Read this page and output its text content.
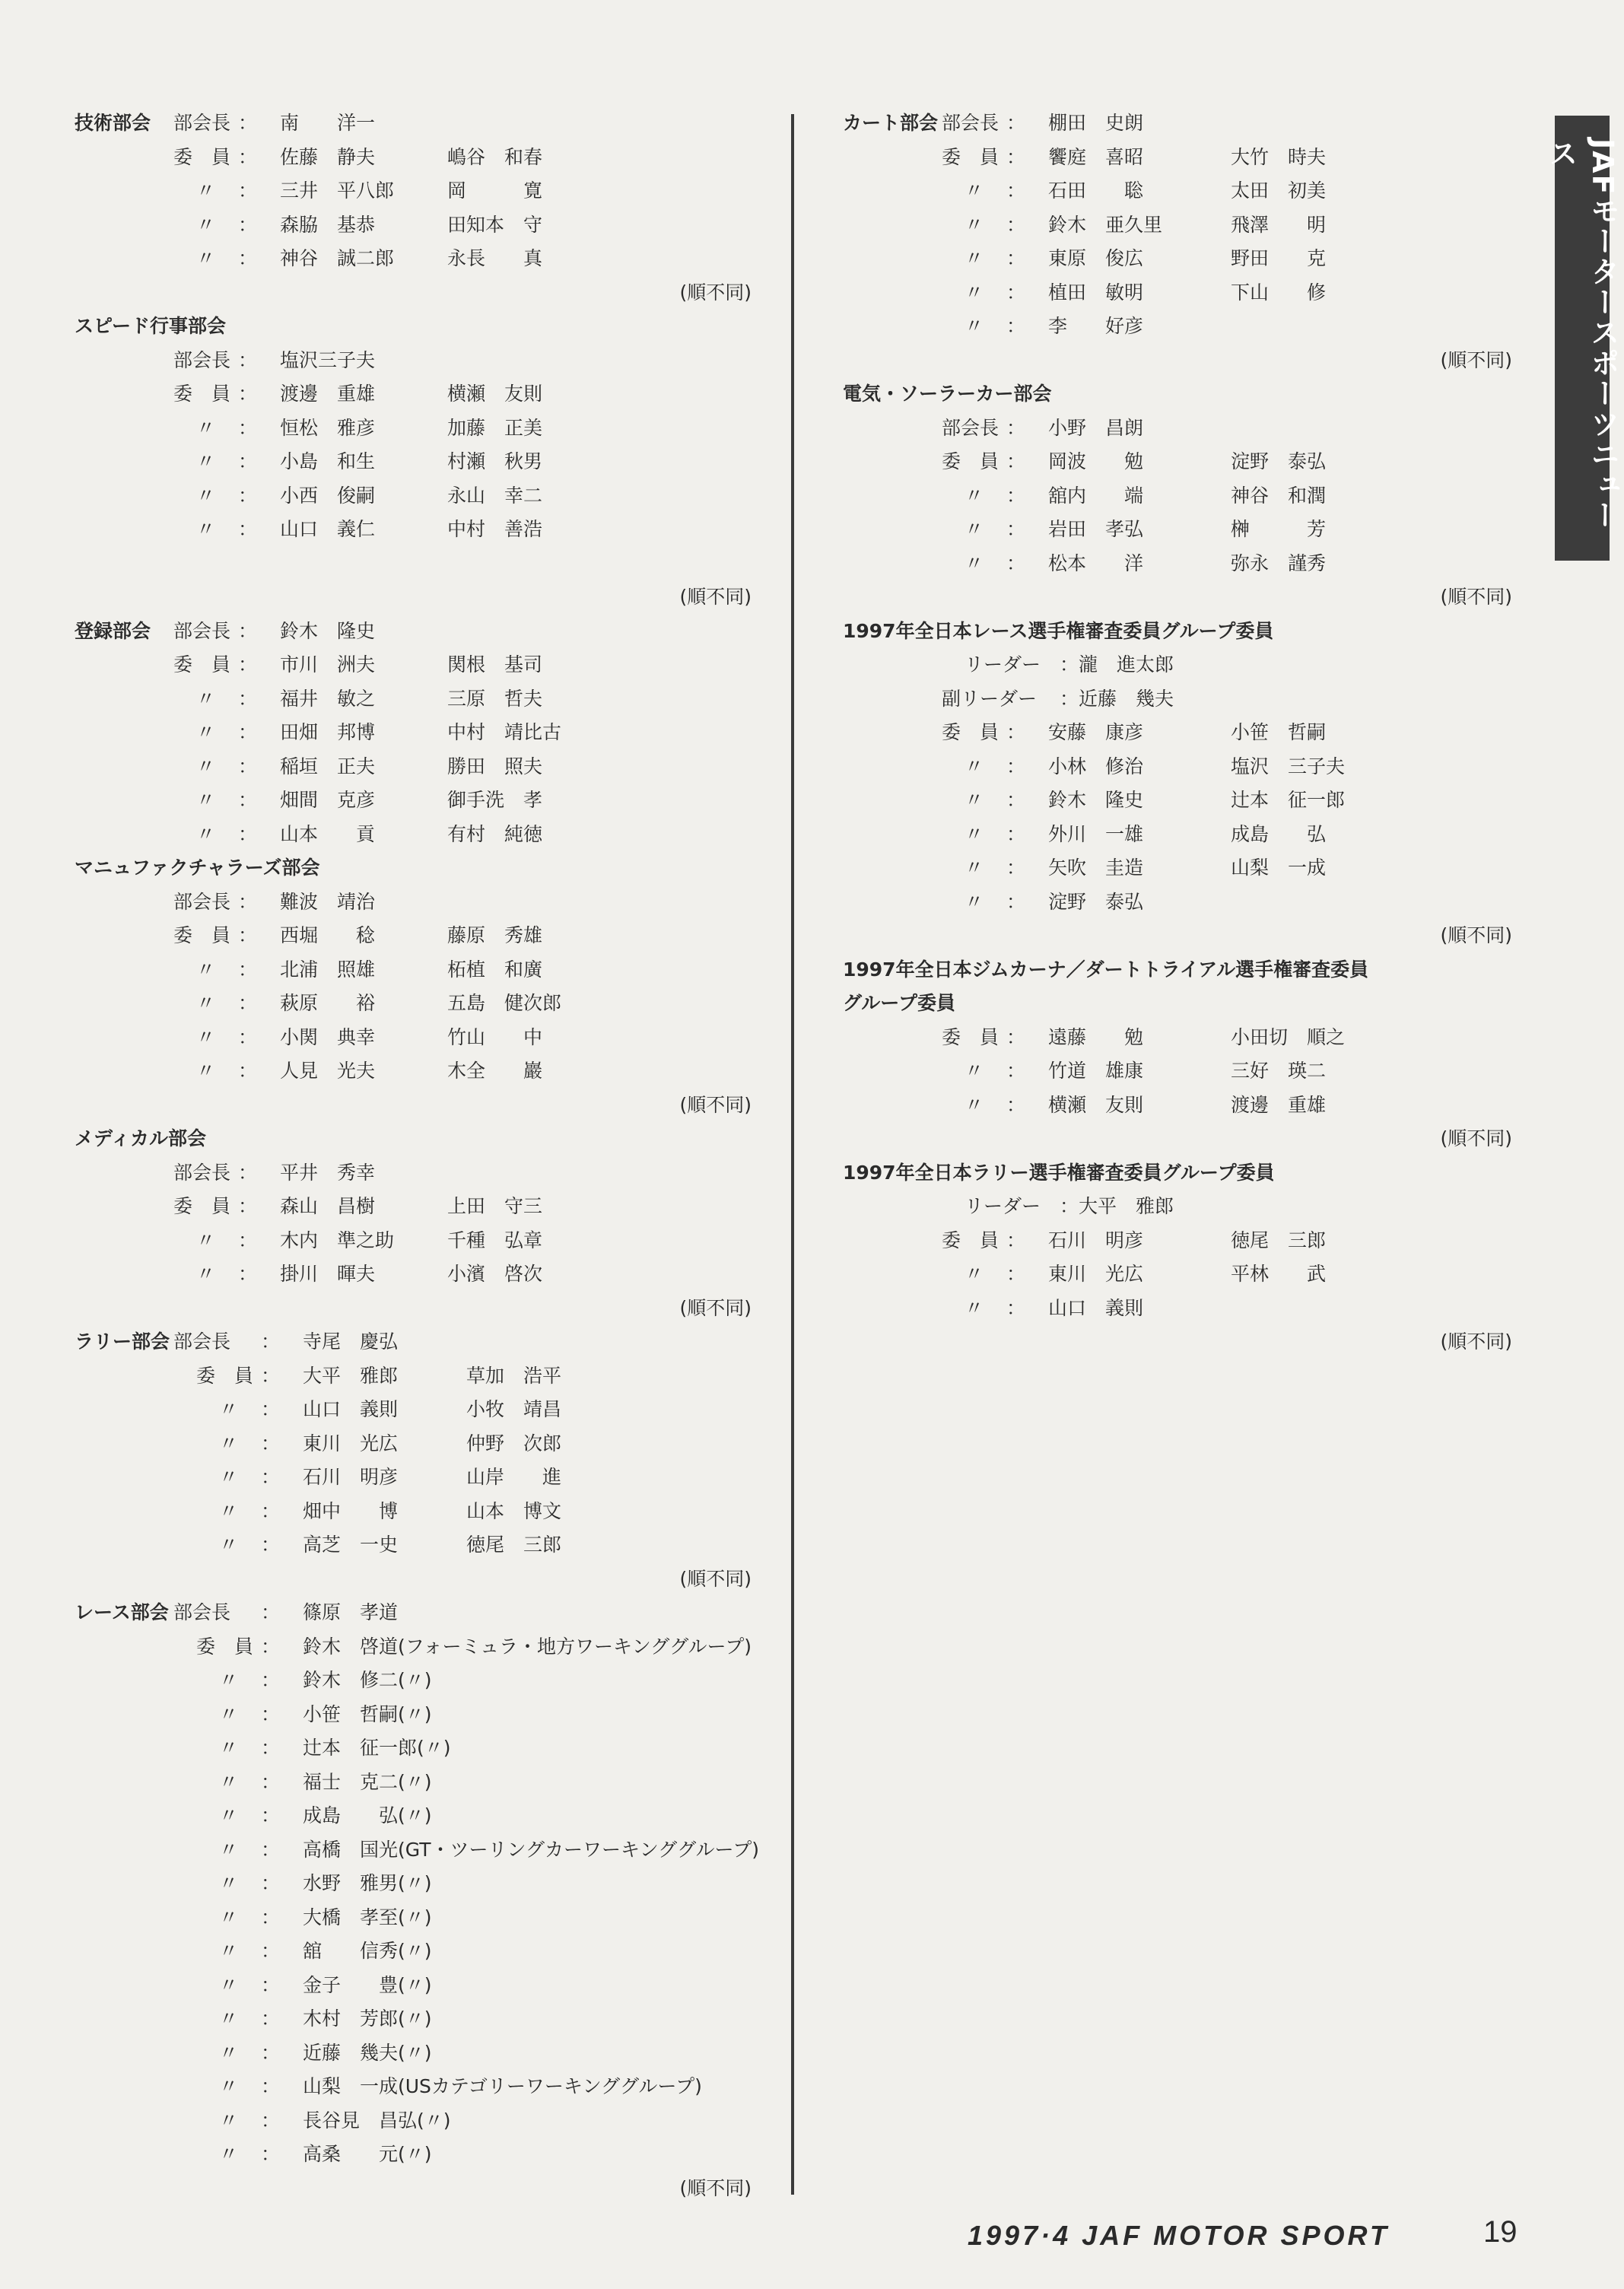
技術部会 部会長 ： 南　　洋一
委　員 ： 佐藤　静夫	嶋谷　和春
〃 ： 三井　平八郎	岡　　　寛
〃 ： 森脇　基恭	田知本　守
〃 ： 神谷　誠二郎	永長　　真
(順不同)
スピード行事部会
部会長 ： 塩沢三子夫
委　員 ： 渡邊　重雄	横瀬　友則
〃 ： 恒松　雅彦	加藤　正美
〃 ： 小島　和生	村瀬　秋男
〃 ： 小西　俊嗣	永山　幸二
〃 ： 山口　義仁	中村　善浩
(順不同)
登録部会 部会長 ： 鈴木　隆史
委　員 ： 市川　洲夫	関根　基司
〃 ： 福井　敏之	三原　哲夫
〃 ： 田畑　邦博	中村　靖比古
〃 ： 稲垣　正夫	勝田　照夫
〃 ： 畑間　克彦	御手洗　孝
〃 ： 山本　　貢	有村　純徳
マニュファクチャラーズ部会
部会長 ： 難波　靖治
委　員 ： 西堀　　稔	藤原　秀雄
〃 ： 北浦　照雄	柘植　和廣
〃 ： 萩原　　裕	五島　健次郎
〃 ： 小関　典幸	竹山　　中
〃 ： 人見　光夫	木全　　巖
(順不同)
メディカル部会
部会長 ： 平井　秀幸
委　員 ： 森山　昌樹	上田　守三
〃 ： 木内　準之助	千種　弘章
〃 ： 掛川　暉夫	小濱　啓次
(順不同)
ラリー部会 部会長 ： 寺尾　慶弘
委　員 ： 大平　雅郎	草加　浩平
〃 ： 山口　義則	小牧　靖昌
〃 ： 東川　光広	仲野　次郎
〃 ： 石川　明彦	山岸　　進
〃 ： 畑中　　博	山本　博文
〃 ： 高芝　一史	徳尾　三郎
(順不同)
レース部会 部会長 ： 篠原　孝道
委　員 ： 鈴木　啓道(フォーミュラ・地方ワーキンググループ)
〃 ： 鈴木　修二(〃)
〃 ： 小笹　哲嗣(〃)
〃 ： 辻本　征一郎(〃)
〃 ： 福士　克二(〃)
〃 ： 成島　　弘(〃)
〃 ： 高橋　国光(GT・ツーリングカーワーキンググループ)
〃 ： 水野　雅男(〃)
〃 ： 大橋　孝至(〃)
〃 ： 舘　　信秀(〃)
〃 ： 金子　　豊(〃)
〃 ： 木村　芳郎(〃)
〃 ： 近藤　幾夫(〃)
〃 ： 山梨　一成(USカテゴリーワーキンググループ)
〃 ： 長谷見　昌弘(〃)
〃 ： 高桑　　元(〃)
(順不同)
カート部会 部会長 ： 棚田　史朗
委　員 ： 饗庭　喜昭	大竹　時夫
〃 ： 石田　　聡	太田　初美
〃 ： 鈴木　亜久里	飛澤　　明
〃 ： 東原　俊広	野田　　克
〃 ： 植田　敏明	下山　　修
〃 ： 李　　好彦
(順不同)
電気・ソーラーカー部会
部会長 ： 小野　昌朗
委　員 ： 岡波　　勉	淀野　泰弘
〃 ： 舘内　　端	神谷　和潤
〃 ： 岩田　孝弘	榊　　　芳
〃 ： 松本　　洋	弥永　謹秀
(順不同)
1997年全日本レース選手権審査委員グループ委員
リーダー ： 瀧　進太郎
副リーダー ： 近藤　幾夫
委　員 ： 安藤　康彦	小笹　哲嗣
〃 ： 小林　修治	塩沢　三子夫
〃 ： 鈴木　隆史	辻本　征一郎
〃 ： 外川　一雄	成島　　弘
〃 ： 矢吹　圭造	山梨　一成
〃 ： 淀野　泰弘
(順不同)
1997年全日本ジムカーナ／ダートトライアル選手権審査委員
グループ委員
委　員 ： 遠藤　　勉	小田切　順之
〃 ： 竹道　雄康	三好　瑛二
〃 ： 横瀬　友則	渡邊　重雄
(順不同)
1997年全日本ラリー選手権審査委員グループ委員
リーダー ： 大平　雅郎
委　員 ： 石川　明彦	徳尾　三郎
〃 ： 東川　光広	平林　　武
〃 ： 山口　義則
(順不同)
JAFモータースポーツニュース
1997·4 JAF MOTOR SPORT	19
